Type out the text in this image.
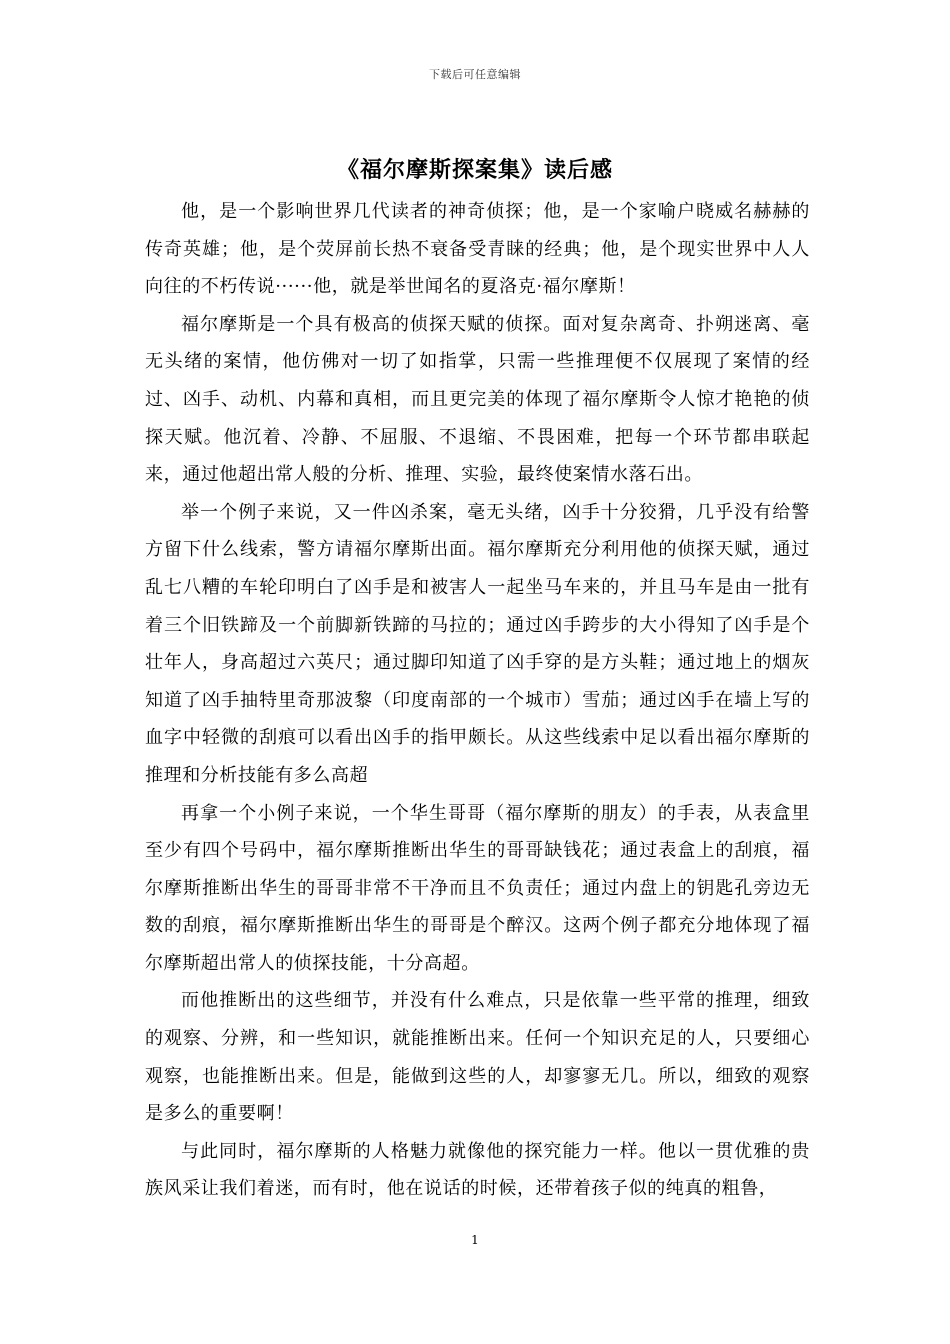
下载后可任意编辑
《福尔摩斯探案集》读后感

他，是一个影响世界几代读者的神奇侦探；他，是一个家喻户晓威名赫赫的传奇英雄；他，是个荧屏前长热不衰备受青睐的经典；他，是个现实世界中人人向往的不朽传说······他，就是举世闻名的夏洛克·福尔摩斯！

福尔摩斯是一个具有极高的侦探天赋的侦探。面对复杂离奇、扑朔迷离、毫无头绪的案情，他仿佛对一切了如指掌，只需一些推理便不仅展现了案情的经过、凶手、动机、内幕和真相，而且更完美的体现了福尔摩斯令人惊才艳艳的侦探天赋。他沉着、冷静、不屈服、不退缩、不畏困难，把每一个环节都串联起来，通过他超出常人般的分析、推理、实验，最终使案情水落石出。

举一个例子来说，又一件凶杀案，毫无头绪，凶手十分狡猾，几乎没有给警方留下什么线索，警方请福尔摩斯出面。福尔摩斯充分利用他的侦探天赋，通过乱七八糟的车轮印明白了凶手是和被害人一起坐马车来的，并且马车是由一批有着三个旧铁蹄及一个前脚新铁蹄的马拉的；通过凶手跨步的大小得知了凶手是个壮年人，身高超过六英尺；通过脚印知道了凶手穿的是方头鞋；通过地上的烟灰知道了凶手抽特里奇那波黎（印度南部的一个城市）雪茄；通过凶手在墙上写的血字中轻微的刮痕可以看出凶手的指甲颇长。从这些线索中足以看出福尔摩斯的推理和分析技能有多么高超

再拿一个小例子来说，一个华生哥哥（福尔摩斯的朋友）的手表，从表盒里至少有四个号码中，福尔摩斯推断出华生的哥哥缺钱花；通过表盒上的刮痕，福尔摩斯推断出华生的哥哥非常不干净而且不负责任；通过内盘上的钥匙孔旁边无数的刮痕，福尔摩斯推断出华生的哥哥是个醉汉。这两个例子都充分地体现了福尔摩斯超出常人的侦探技能，十分高超。

而他推断出的这些细节，并没有什么难点，只是依靠一些平常的推理，细致的观察、分辨，和一些知识，就能推断出来。任何一个知识充足的人，只要细心观察，也能推断出来。但是，能做到这些的人，却寥寥无几。所以，细致的观察是多么的重要啊！

与此同时，福尔摩斯的人格魅力就像他的探究能力一样。他以一贯优雅的贵族风采让我们着迷，而有时，他在说话的时候，还带着孩子似的纯真的粗鲁，

1
